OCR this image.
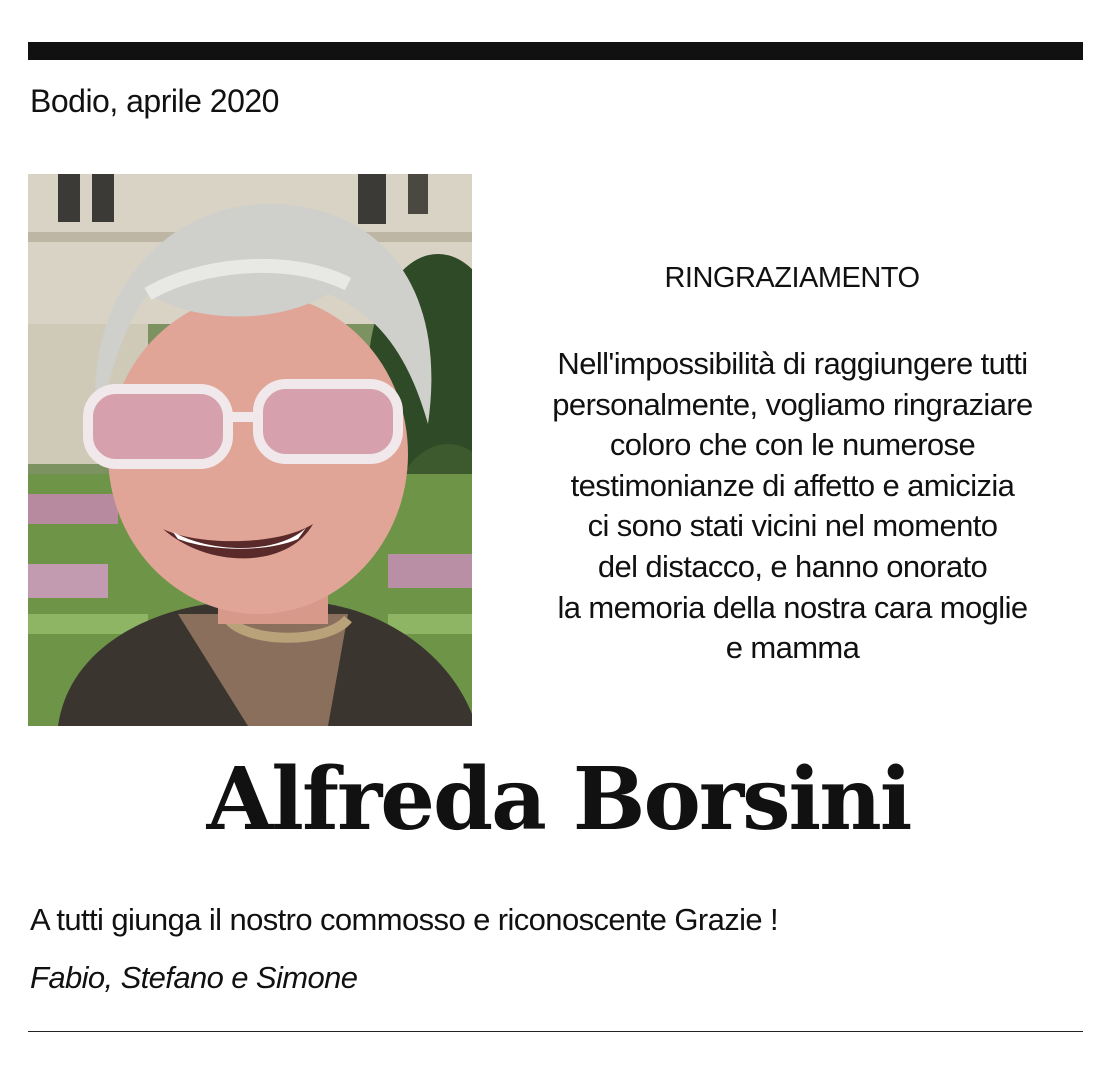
Bodio, aprile 2020
RINGRAZIAMENTO
Nell'impossibilità di raggiungere tutti
personalmente, vogliamo ringraziare
coloro che con le numerose
testimonianze di affetto e amicizia
ci sono stati vicini nel momento
del distacco, e hanno onorato
la memoria della nostra cara moglie
e mamma
Alfreda Borsini
A tutti giunga il nostro commosso e riconoscente Grazie !
Fabio, Stefano e Simone
